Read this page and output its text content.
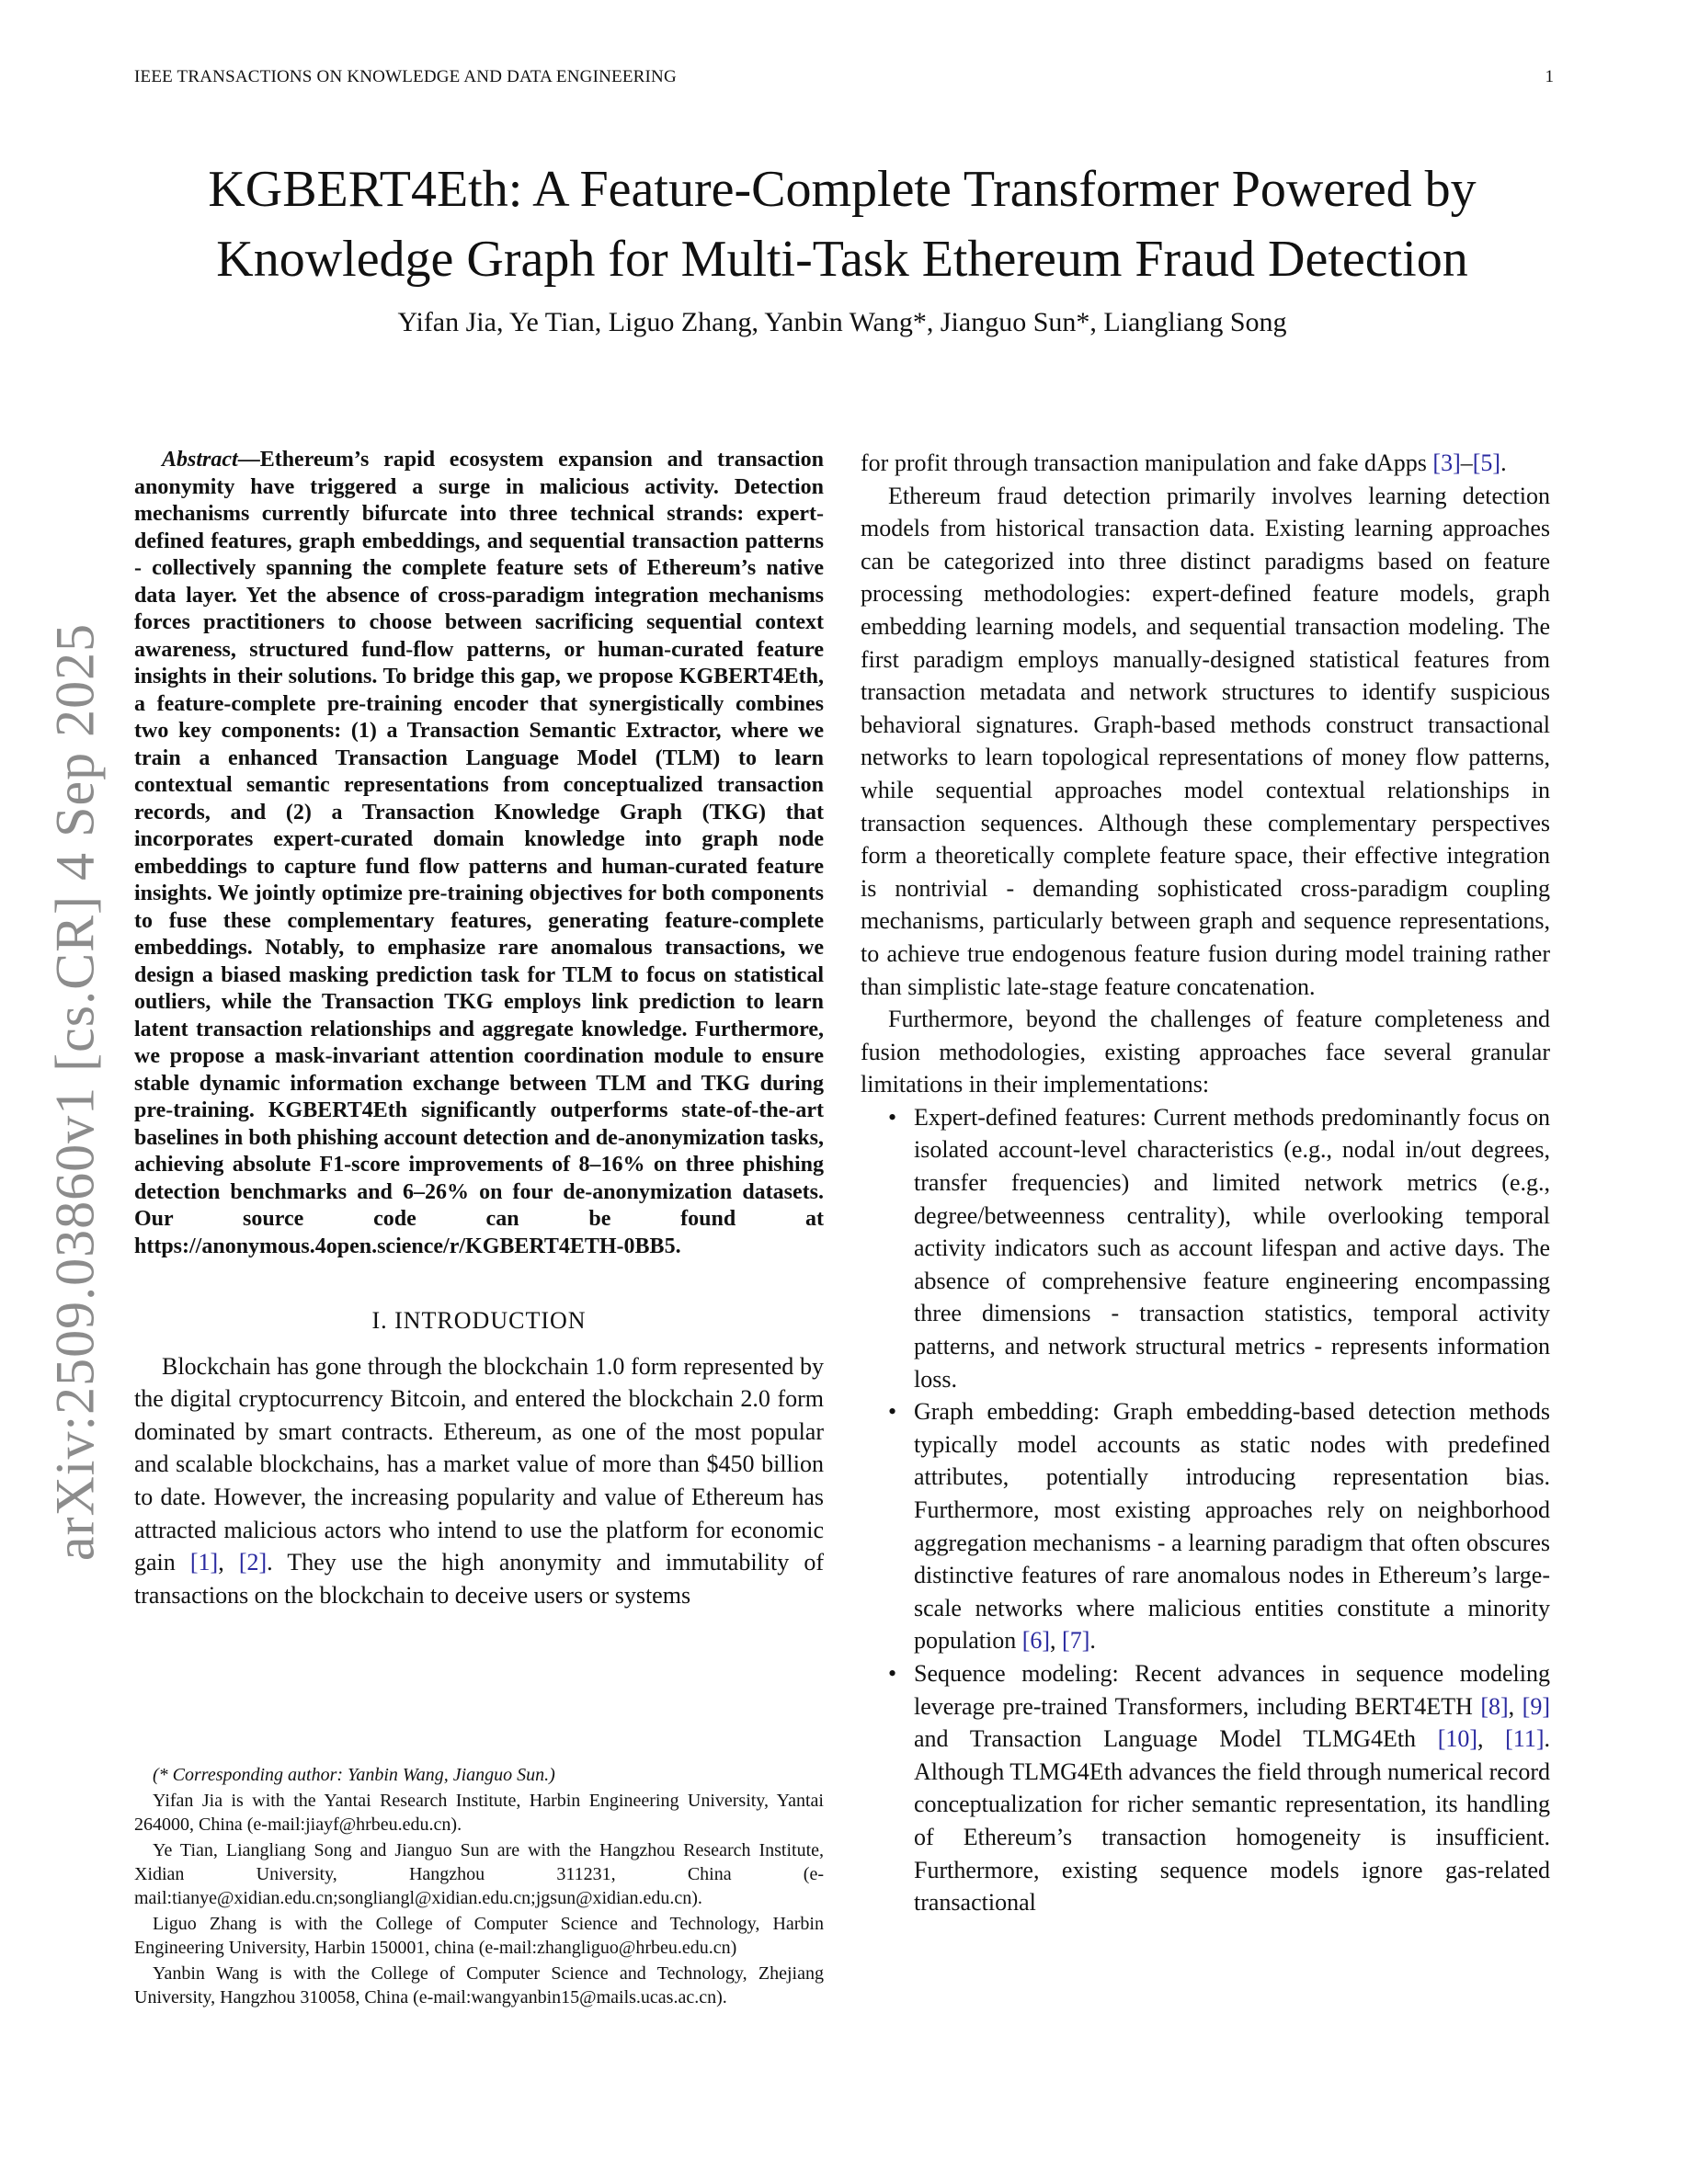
IEEE TRANSACTIONS ON KNOWLEDGE AND DATA ENGINEERING	1
arXiv:2509.03860v1 [cs.CR] 4 Sep 2025
KGBERT4Eth: A Feature-Complete Transformer Powered by Knowledge Graph for Multi-Task Ethereum Fraud Detection
Yifan Jia, Ye Tian, Liguo Zhang, Yanbin Wang*, Jianguo Sun*, Liangliang Song

Abstract—Ethereum’s rapid ecosystem expansion and transaction anonymity have triggered a surge in malicious activity. Detection mechanisms currently bifurcate into three technical strands: expert-defined features, graph embeddings, and sequential transaction patterns - collectively spanning the complete feature sets of Ethereum’s native data layer. Yet the absence of cross-paradigm integration mechanisms forces practitioners to choose between sacrificing sequential context awareness, structured fund-flow patterns, or human-curated feature insights in their solutions. To bridge this gap, we propose KGBERT4Eth, a feature-complete pre-training encoder that synergistically combines two key components: (1) a Transaction Semantic Extractor, where we train a enhanced Transaction Language Model (TLM) to learn contextual semantic representations from conceptualized transaction records, and (2) a Transaction Knowledge Graph (TKG) that incorporates expert-curated domain knowledge into graph node embeddings to capture fund flow patterns and human-curated feature insights. We jointly optimize pre-training objectives for both components to fuse these complementary features, generating feature-complete embeddings. Notably, to emphasize rare anomalous transactions, we design a biased masking prediction task for TLM to focus on statistical outliers, while the Transaction TKG employs link prediction to learn latent transaction relationships and aggregate knowledge. Furthermore, we propose a mask-invariant attention coordination module to ensure stable dynamic information exchange between TLM and TKG during pre-training. KGBERT4Eth significantly outperforms state-of-the-art baselines in both phishing account detection and de-anonymization tasks, achieving absolute F1-score improvements of 8–16% on three phishing detection benchmarks and 6–26% on four de-anonymization datasets. Our source code can be found at https://anonymous.4open.science/r/KGBERT4ETH-0BB5.

I. INTRODUCTION

Blockchain has gone through the blockchain 1.0 form represented by the digital cryptocurrency Bitcoin, and entered the blockchain 2.0 form dominated by smart contracts. Ethereum, as one of the most popular and scalable blockchains, has a market value of more than $450 billion to date. However, the increasing popularity and value of Ethereum has attracted malicious actors who intend to use the platform for economic gain [1], [2]. They use the high anonymity and immutability of transactions on the blockchain to deceive users or systems

(* Corresponding author: Yanbin Wang, Jianguo Sun.)

Yifan Jia is with the Yantai Research Institute, Harbin Engineering University, Yantai 264000, China (e-mail:jiayf@hrbeu.edu.cn).

Ye Tian, Liangliang Song and Jianguo Sun are with the Hangzhou Research Institute, Xidian University, Hangzhou 311231, China (e-mail:tianye@xidian.edu.cn;songliangl@xidian.edu.cn;jgsun@xidian.edu.cn).

Liguo Zhang is with the College of Computer Science and Technology, Harbin Engineering University, Harbin 150001, china (e-mail:zhangliguo@hrbeu.edu.cn)

Yanbin Wang is with the College of Computer Science and Technology, Zhejiang University, Hangzhou 310058, China (e-mail:wangyanbin15@mails.ucas.ac.cn).

for profit through transaction manipulation and fake dApps [3]–[5].

Ethereum fraud detection primarily involves learning detection models from historical transaction data. Existing learning approaches can be categorized into three distinct paradigms based on feature processing methodologies: expert-defined feature models, graph embedding learning models, and sequential transaction modeling. The first paradigm employs manually-designed statistical features from transaction metadata and network structures to identify suspicious behavioral signatures. Graph-based methods construct transactional networks to learn topological representations of money flow patterns, while sequential approaches model contextual relationships in transaction sequences. Although these complementary perspectives form a theoretically complete feature space, their effective integration is nontrivial - demanding sophisticated cross-paradigm coupling mechanisms, particularly between graph and sequence representations, to achieve true endogenous feature fusion during model training rather than simplistic late-stage feature concatenation.

Furthermore, beyond the challenges of feature completeness and fusion methodologies, existing approaches face several granular limitations in their implementations:

• Expert-defined features: Current methods predominantly focus on isolated account-level characteristics (e.g., nodal in/out degrees, transfer frequencies) and limited network metrics (e.g., degree/betweenness centrality), while overlooking temporal activity indicators such as account lifespan and active days. The absence of comprehensive feature engineering encompassing three dimensions - transaction statistics, temporal activity patterns, and network structural metrics - represents information loss.
• Graph embedding: Graph embedding-based detection methods typically model accounts as static nodes with predefined attributes, potentially introducing representation bias. Furthermore, most existing approaches rely on neighborhood aggregation mechanisms - a learning paradigm that often obscures distinctive features of rare anomalous nodes in Ethereum’s large-scale networks where malicious entities constitute a minority population [6], [7].
• Sequence modeling: Recent advances in sequence modeling leverage pre-trained Transformers, including BERT4ETH [8], [9] and Transaction Language Model TLMG4Eth [10], [11]. Although TLMG4Eth advances the field through numerical record conceptualization for richer semantic representation, its handling of Ethereum’s transaction homogeneity is insufficient. Furthermore, existing sequence models ignore gas-related transactional
